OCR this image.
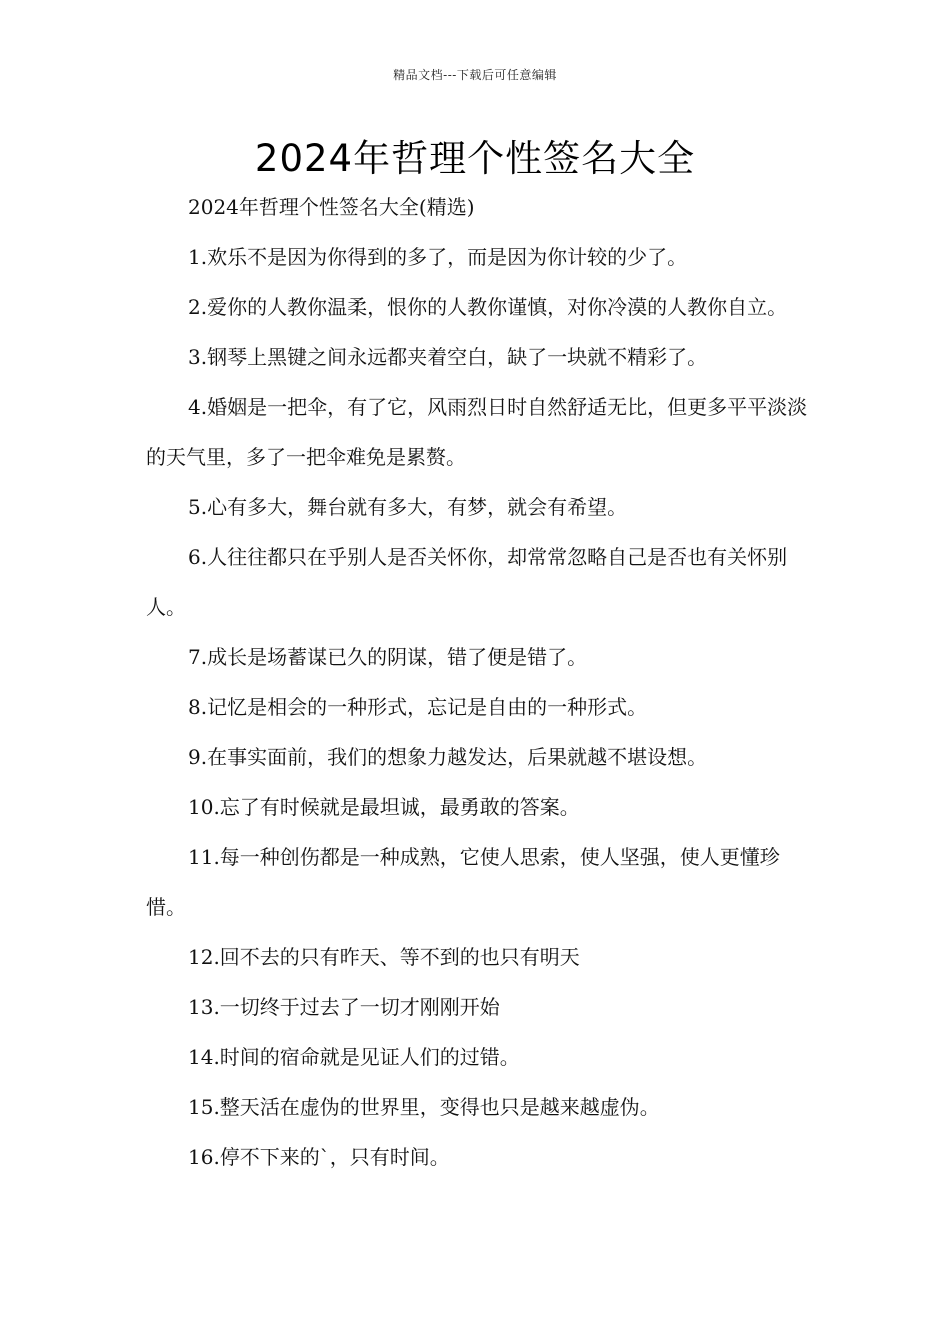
精品文档---下载后可任意编辑
2024年哲理个性签名大全

2024年哲理个性签名大全(精选)

1.欢乐不是因为你得到的多了，而是因为你计较的少了。

2.爱你的人教你温柔，恨你的人教你谨慎，对你冷漠的人教你自立。

3.钢琴上黑键之间永远都夹着空白，缺了一块就不精彩了。

4.婚姻是一把伞，有了它，风雨烈日时自然舒适无比，但更多平平淡淡的天气里，多了一把伞难免是累赘。

5.心有多大，舞台就有多大，有梦，就会有希望。

6.人往往都只在乎别人是否关怀你，却常常忽略自己是否也有关怀别人。

7.成长是场蓄谋已久的阴谋，错了便是错了。

8.记忆是相会的一种形式，忘记是自由的一种形式。

9.在事实面前，我们的想象力越发达，后果就越不堪设想。

10.忘了有时候就是最坦诚，最勇敢的答案。

11.每一种创伤都是一种成熟，它使人思索，使人坚强，使人更懂珍惜。

12.回不去的只有昨天、等不到的也只有明天

13.一切终于过去了一切才刚刚开始

14.时间的宿命就是见证人们的过错。

15.整天活在虚伪的世界里，变得也只是越来越虚伪。

16.停不下来的`，只有时间。
